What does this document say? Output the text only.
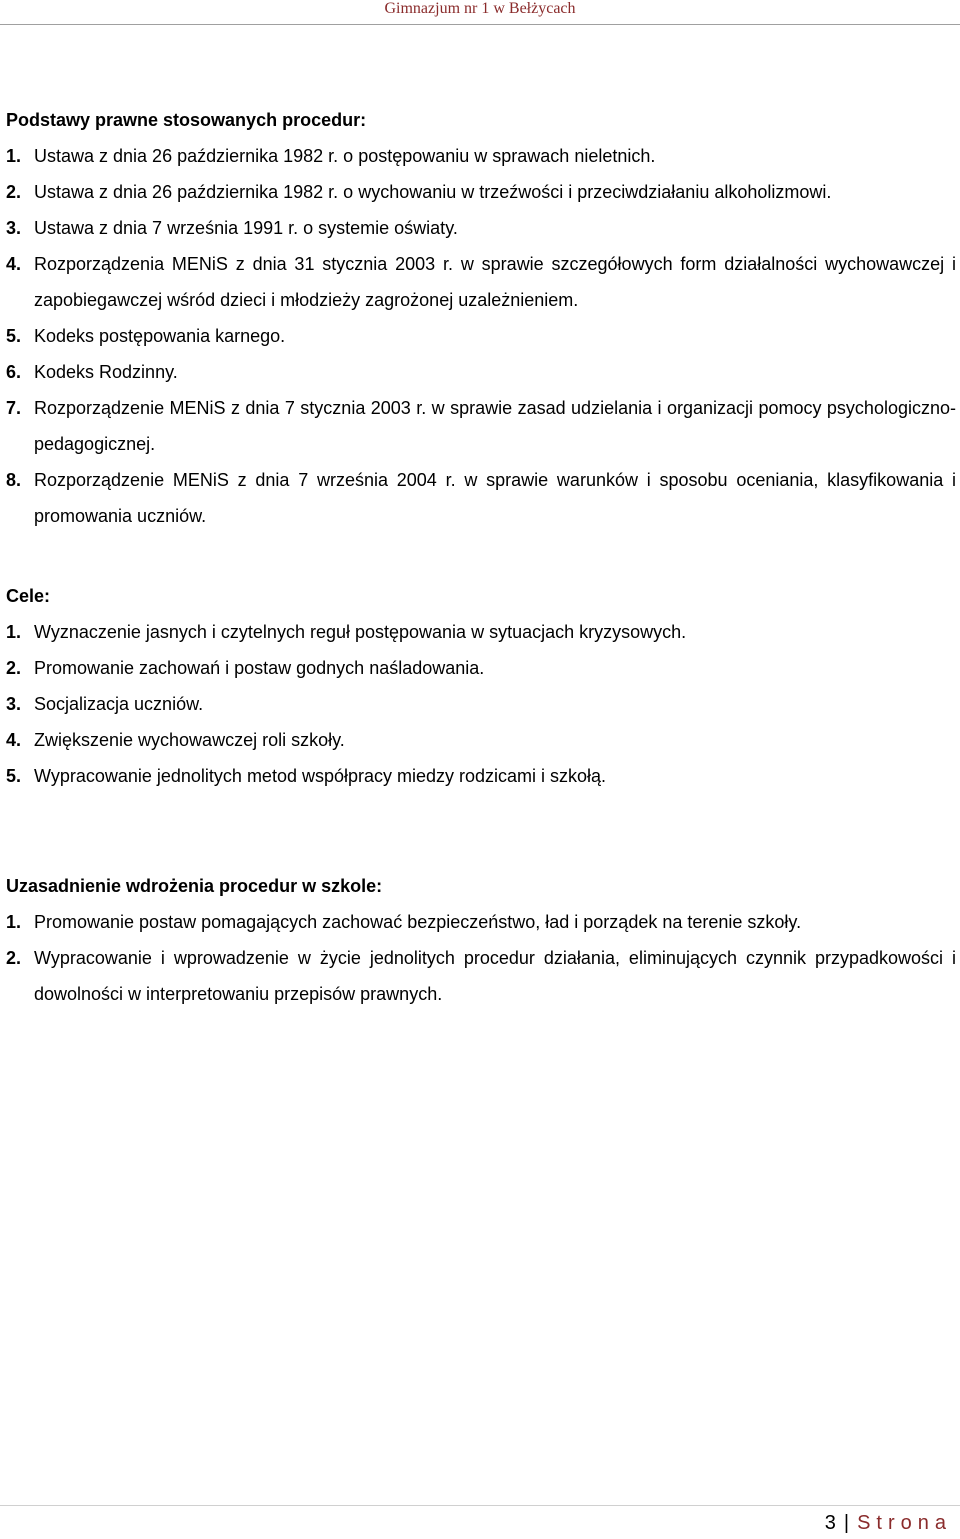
Gimnazjum nr 1 w Bełżycach

Podstawy prawne stosowanych procedur:

1. Ustawa z dnia 26 października 1982 r. o postępowaniu w sprawach nieletnich.
2. Ustawa z dnia 26 października 1982 r. o wychowaniu w trzeźwości i przeciwdziałaniu alkoholizmowi.
3. Ustawa z dnia 7 września 1991 r. o systemie oświaty.
4. Rozporządzenia MENiS z dnia 31 stycznia 2003 r. w sprawie szczegółowych form działalności wychowawczej i zapobiegawczej wśród dzieci i młodzieży zagrożonej uzależnieniem.
5. Kodeks postępowania karnego.
6. Kodeks Rodzinny.
7. Rozporządzenie MENiS z dnia 7 stycznia 2003 r. w sprawie zasad udzielania i organizacji pomocy psychologiczno-pedagogicznej.
8. Rozporządzenie MENiS z dnia 7 września 2004 r. w sprawie warunków i sposobu oceniania, klasyfikowania i promowania uczniów.

Cele:

1. Wyznaczenie jasnych i czytelnych reguł postępowania w sytuacjach kryzysowych.
2. Promowanie zachowań i postaw godnych naśladowania.
3. Socjalizacja uczniów.
4. Zwiększenie wychowawczej roli szkoły.
5. Wypracowanie jednolitych metod współpracy miedzy rodzicami i szkołą.

Uzasadnienie wdrożenia procedur w szkole:

1. Promowanie postaw pomagających zachować bezpieczeństwo, ład i porządek na terenie szkoły.
2. Wypracowanie i wprowadzenie w życie jednolitych procedur działania, eliminujących czynnik przypadkowości i dowolności w interpretowaniu przepisów prawnych.
3 | Strona
